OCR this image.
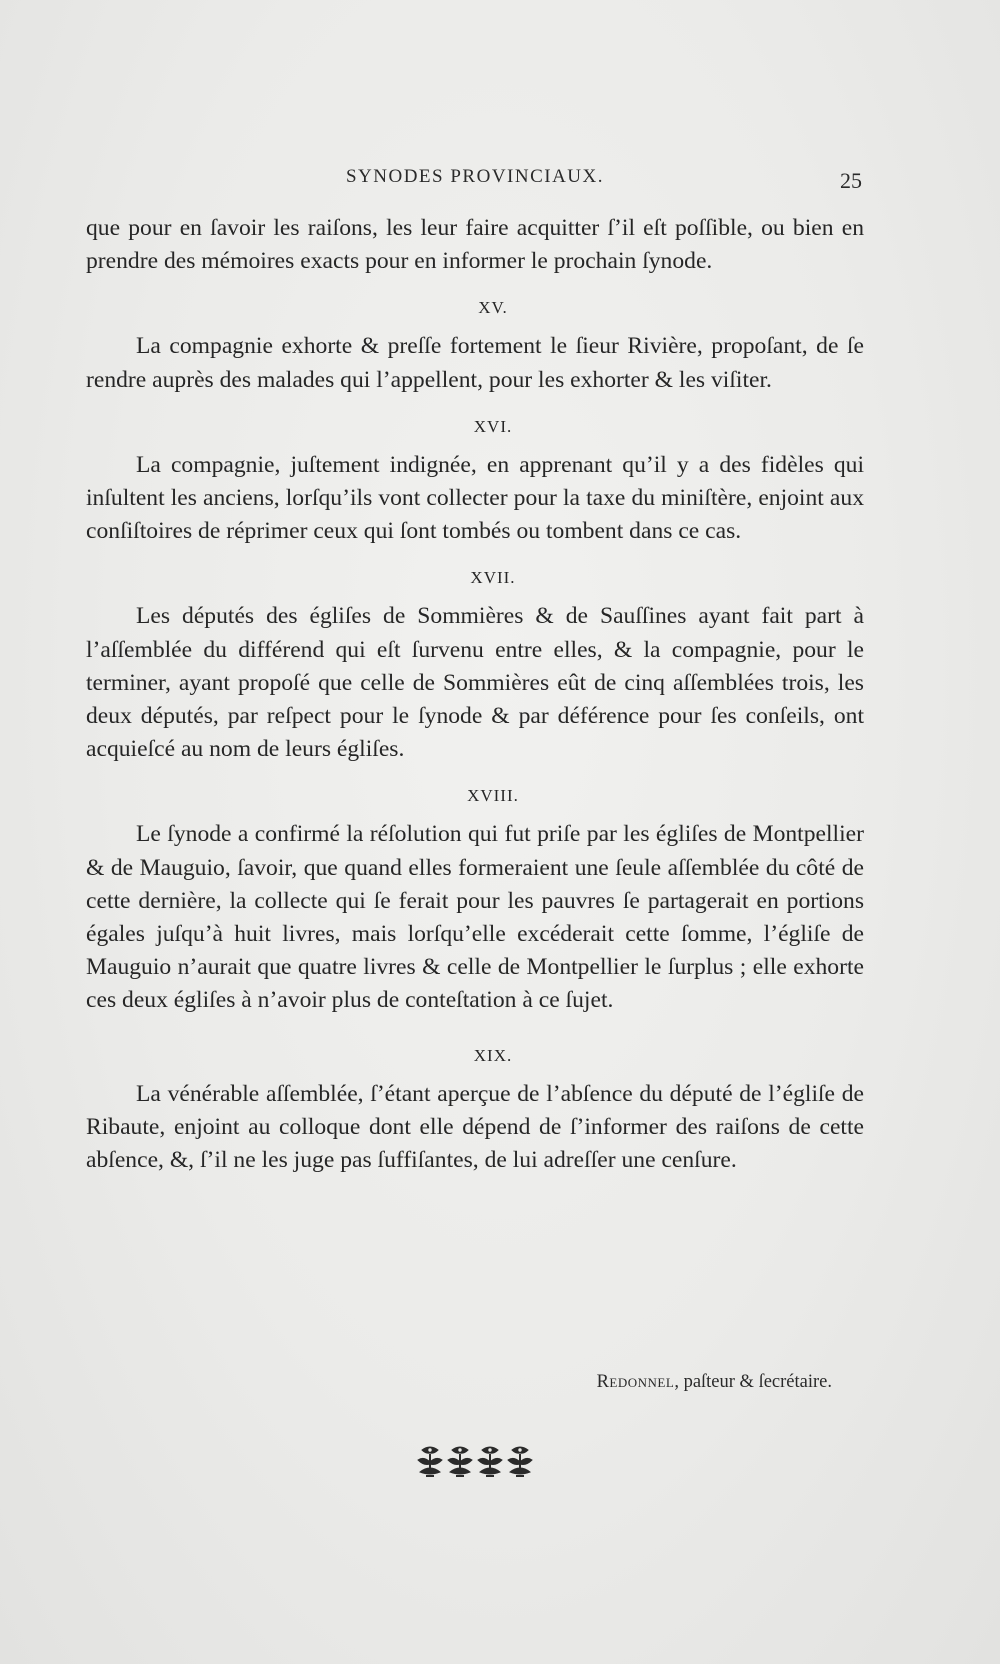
SYNODES PROVINCIAUX.	25

que pour en ſavoir les raiſons, les leur faire acquitter ſ’il eſt poſſible, ou bien en prendre des mémoires exacts pour en informer le prochain ſynode.

XV.

La compagnie exhorte & preſſe fortement le ſieur Rivière, propoſant, de ſe rendre auprès des malades qui l’appellent, pour les exhorter & les viſiter.

XVI.

La compagnie, juſtement indignée, en apprenant qu’il y a des fidèles qui inſultent les anciens, lorſqu’ils vont collecter pour la taxe du miniſtère, enjoint aux conſiſtoires de réprimer ceux qui ſont tombés ou tombent dans ce cas.

XVII.

Les députés des égliſes de Sommières & de Sauſſines ayant fait part à l’aſſemblée du différend qui eſt ſurvenu entre elles, & la compagnie, pour le terminer, ayant propoſé que celle de Sommières eût de cinq aſſemblées trois, les deux députés, par reſpect pour le ſynode & par déférence pour ſes conſeils, ont acquieſcé au nom de leurs égliſes.

XVIII.

Le ſynode a confirmé la réſolution qui fut priſe par les égliſes de Montpellier & de Mauguio, ſavoir, que quand elles formeraient une ſeule aſſemblée du côté de cette dernière, la collecte qui ſe ferait pour les pauvres ſe partagerait en portions égales juſqu’à huit livres, mais lorſqu’elle excéderait cette ſomme, l’égliſe de Mauguio n’aurait que quatre livres & celle de Montpellier le ſurplus ; elle exhorte ces deux égliſes à n’avoir plus de conteſtation à ce ſujet.

XIX.

La vénérable aſſemblée, ſ’étant aperçue de l’abſence du député de l’égliſe de Ribaute, enjoint au colloque dont elle dépend de ſ’informer des raiſons de cette abſence, &, ſ’il ne les juge pas ſuffiſantes, de lui adreſſer une cenſure.

Redonnel, paſteur & ſecrétaire.
